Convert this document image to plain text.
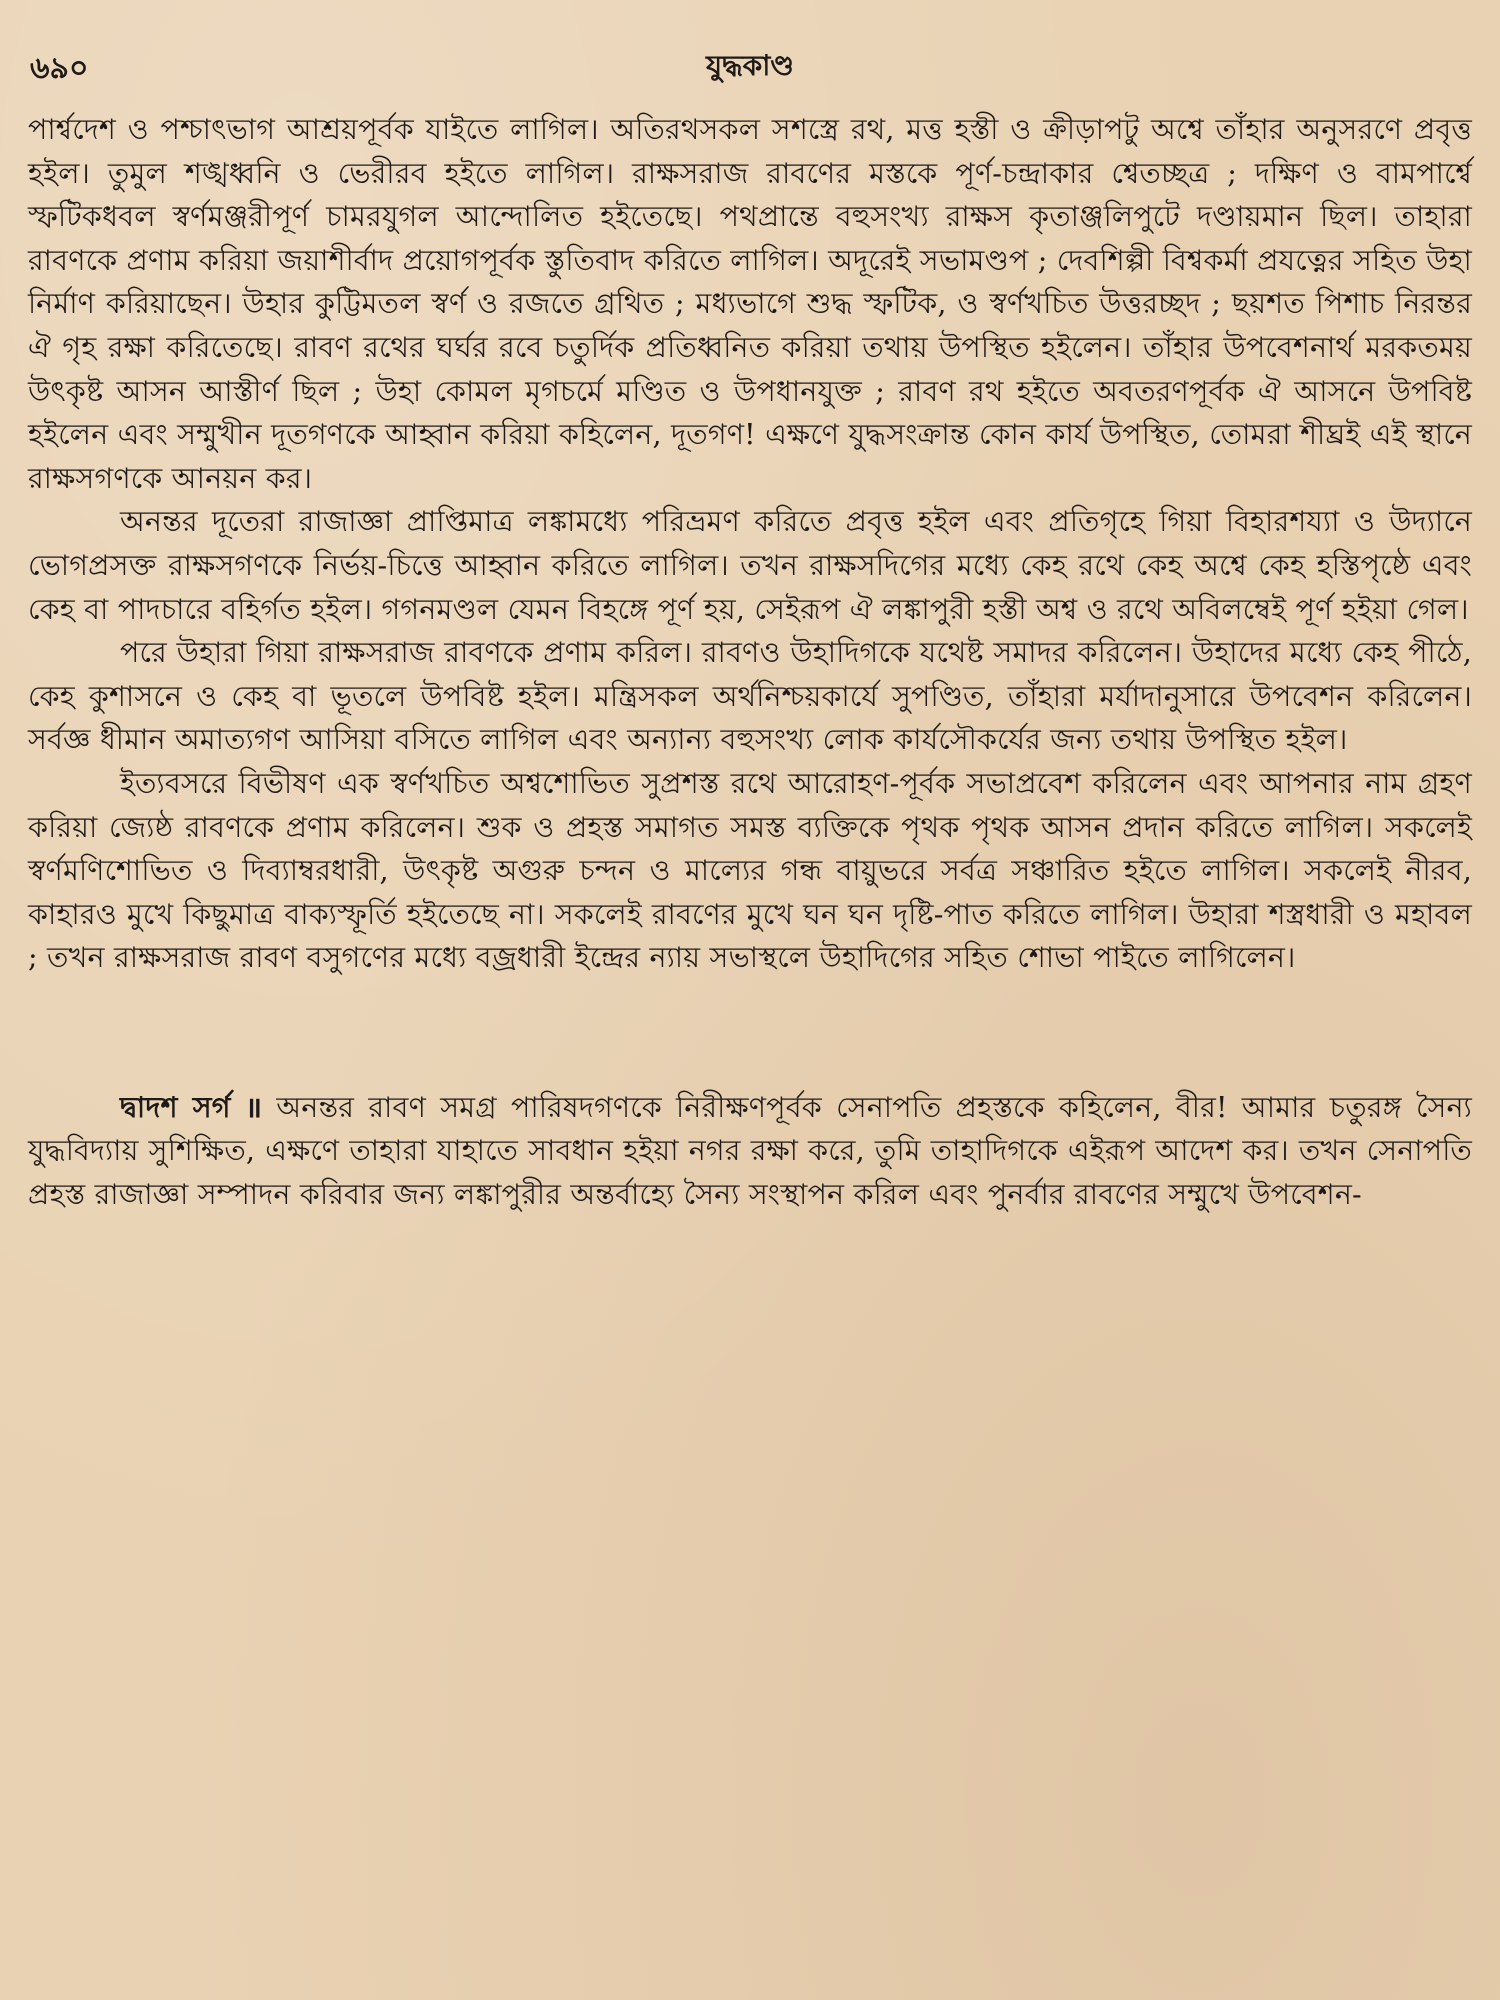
৬৯০	যুদ্ধকাণ্ড

পার্শ্বদেশ ও পশ্চাৎভাগ আশ্রয়পূর্বক যাইতে লাগিল। অতিরথসকল সশস্ত্রে রথ, মত্ত হস্তী ও ক্রীড়াপটু অশ্বে তাঁহার অনুসরণে প্রবৃত্ত হইল। তুমুল শঙ্খধ্বনি ও ভেরীরব হইতে লাগিল। রাক্ষসরাজ রাবণের মস্তকে পূর্ণ-চন্দ্রাকার শ্বেতচ্ছত্র ; দক্ষিণ ও বামপার্শ্বে স্ফটিকধবল স্বর্ণমঞ্জরীপূর্ণ চামরযুগল আন্দোলিত হইতেছে। পথপ্রান্তে বহুসংখ্য রাক্ষস কৃতাঞ্জলিপুটে দণ্ডায়মান ছিল। তাহারা রাবণকে প্রণাম করিয়া জয়াশীর্বাদ প্রয়োগপূর্বক স্তুতিবাদ করিতে লাগিল। অদূরেই সভামণ্ডপ ; দেবশিল্পী বিশ্বকর্মা প্রযত্নের সহিত উহা নির্মাণ করিয়াছেন। উহার কুট্টিমতল স্বর্ণ ও রজতে গ্রথিত ; মধ্যভাগে শুদ্ধ স্ফটিক, ও স্বর্ণখচিত উত্তরচ্ছদ ; ছয়শত পিশাচ নিরন্তর ঐ গৃহ রক্ষা করিতেছে। রাবণ রথের ঘর্ঘর রবে চতুর্দিক প্রতিধ্বনিত করিয়া তথায় উপস্থিত হইলেন। তাঁহার উপবেশনার্থ মরকতময় উৎকৃষ্ট আসন আস্তীর্ণ ছিল ; উহা কোমল মৃগচর্মে মণ্ডিত ও উপধানযুক্ত ; রাবণ রথ হইতে অবতরণপূর্বক ঐ আসনে উপবিষ্ট হইলেন এবং সম্মুখীন দূতগণকে আহ্বান করিয়া কহিলেন, দূতগণ! এক্ষণে যুদ্ধসংক্রান্ত কোন কার্য উপস্থিত, তোমরা শীঘ্রই এই স্থানে রাক্ষসগণকে আনয়ন কর।

অনন্তর দূতেরা রাজাজ্ঞা প্রাপ্তিমাত্র লঙ্কামধ্যে পরিভ্রমণ করিতে প্রবৃত্ত হইল এবং প্রতিগৃহে গিয়া বিহারশয্যা ও উদ্যানে ভোগপ্রসক্ত রাক্ষসগণকে নির্ভয়-চিত্তে আহ্বান করিতে লাগিল। তখন রাক্ষসদিগের মধ্যে কেহ রথে কেহ অশ্বে কেহ হস্তিপৃষ্ঠে এবং কেহ বা পাদচারে বহির্গত হইল। গগনমণ্ডল যেমন বিহঙ্গে পূর্ণ হয়, সেইরূপ ঐ লঙ্কাপুরী হস্তী অশ্ব ও রথে অবিলম্বেই পূর্ণ হইয়া গেল।

পরে উহারা গিয়া রাক্ষসরাজ রাবণকে প্রণাম করিল। রাবণও উহাদিগকে যথেষ্ট সমাদর করিলেন। উহাদের মধ্যে কেহ পীঠে, কেহ কুশাসনে ও কেহ বা ভূতলে উপবিষ্ট হইল। মন্ত্রিসকল অর্থনিশ্চয়কার্যে সুপণ্ডিত, তাঁহারা মর্যাদানুসারে উপবেশন করিলেন। সর্বজ্ঞ ধীমান অমাত্যগণ আসিয়া বসিতে লাগিল এবং অন্যান্য বহুসংখ্য লোক কার্যসৌকর্যের জন্য তথায় উপস্থিত হইল।

ইত্যবসরে বিভীষণ এক স্বর্ণখচিত অশ্বশোভিত সুপ্রশস্ত রথে আরোহণ-পূর্বক সভাপ্রবেশ করিলেন এবং আপনার নাম গ্রহণ করিয়া জ্যেষ্ঠ রাবণকে প্রণাম করিলেন। শুক ও প্রহস্ত সমাগত সমস্ত ব্যক্তিকে পৃথক পৃথক আসন প্রদান করিতে লাগিল। সকলেই স্বর্ণমণিশোভিত ও দিব্যাম্বরধারী, উৎকৃষ্ট অগুরু চন্দন ও মাল্যের গন্ধ বায়ুভরে সর্বত্র সঞ্চারিত হইতে লাগিল। সকলেই নীরব, কাহারও মুখে কিছুমাত্র বাক্যস্ফূর্তি হইতেছে না। সকলেই রাবণের মুখে ঘন ঘন দৃষ্টি-পাত করিতে লাগিল। উহারা শস্ত্রধারী ও মহাবল ; তখন রাক্ষসরাজ রাবণ বসুগণের মধ্যে বজ্রধারী ইন্দ্রের ন্যায় সভাস্থলে উহাদিগের সহিত শোভা পাইতে লাগিলেন।

দ্বাদশ সর্গ ॥ অনন্তর রাবণ সমগ্র পারিষদগণকে নিরীক্ষণপূর্বক সেনাপতি প্রহস্তকে কহিলেন, বীর! আমার চতুরঙ্গ সৈন্য যুদ্ধবিদ্যায় সুশিক্ষিত, এক্ষণে তাহারা যাহাতে সাবধান হইয়া নগর রক্ষা করে, তুমি তাহাদিগকে এইরূপ আদেশ কর। তখন সেনাপতি প্রহস্ত রাজাজ্ঞা সম্পাদন করিবার জন্য লঙ্কাপুরীর অন্তর্বাহ্যে সৈন্য সংস্থাপন করিল এবং পুনর্বার রাবণের সম্মুখে উপবেশন-
